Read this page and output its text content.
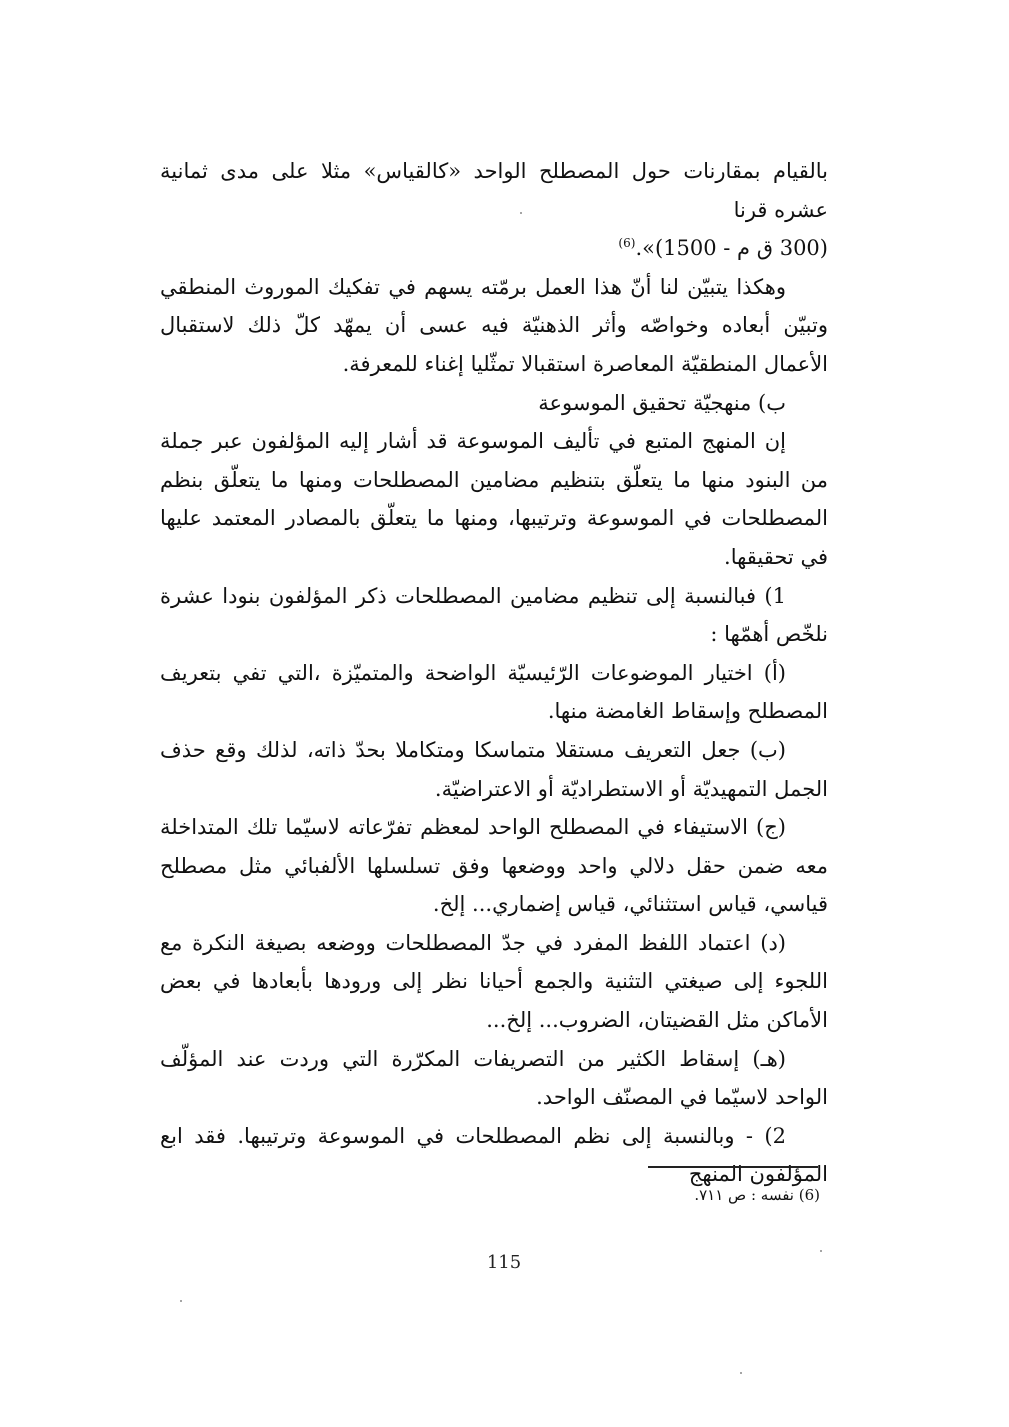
بالقيام بمقارنات حول المصطلح الواحد «كالقياس» مثلا على مدى ثمانية عشره قرنا
(300 ق م - 1500)».$^{(6)}$

وهكذا يتبيّن لنا أنّ هذا العمل برمّته يسهم في تفكيك الموروث المنطقي وتبيّن أبعاده وخواصّه وأثر الذهنيّة فيه عسى أن يمهّد كلّ ذلك لاستقبال الأعمال المنطقيّة المعاصرة استقبالا تمثّليا إغناء للمعرفة.

ب) منهجيّة تحقيق الموسوعة

إن المنهج المتبع في تأليف الموسوعة قد أشار إليه المؤلفون عبر جملة من البنود منها ما يتعلّق بتنظيم مضامين المصطلحات ومنها ما يتعلّق بنظم المصطلحات في الموسوعة وترتيبها، ومنها ما يتعلّق بالمصادر المعتمد عليها في تحقيقها.

1) فبالنسبة إلى تنظيم مضامين المصطلحات ذكر المؤلفون بنودا عشرة نلخّص أهمّها :

(أ) اختيار الموضوعات الرّئيسيّة الواضحة والمتميّزة ،التي تفي بتعريف المصطلح وإسقاط الغامضة منها.

(ب) جعل التعريف مستقلا متماسكا ومتكاملا بحدّ ذاته، لذلك وقع حذف الجمل التمهيديّة أو الاستطراديّة أو الاعتراضيّة.

(ج) الاستيفاء في المصطلح الواحد لمعظم تفرّعاته لاسيّما تلك المتداخلة معه ضمن حقل دلالي واحد ووضعها وفق تسلسلها الألفبائي مثل مصطلح قياسي، قياس استثنائي، قياس إضماري... إلخ.

(د) اعتماد اللفظ المفرد في جدّ المصطلحات ووضعه بصيغة النكرة مع اللجوء إلى صيغتي التثنية والجمع أحيانا نظر إلى ورودها بأبعادها في بعض الأماكن مثل القضيتان، الضروب... إلخ...

(هـ) إسقاط الكثير من التصريفات المكرّرة التي وردت عند المؤلّف الواحد لاسيّما في المصنّف الواحد.

2) - وبالنسبة إلى نظم المصطلحات في الموسوعة وترتيبها. فقد ابع المؤلفون المنهج

(6) نفسه : ص ٧١١.
115
